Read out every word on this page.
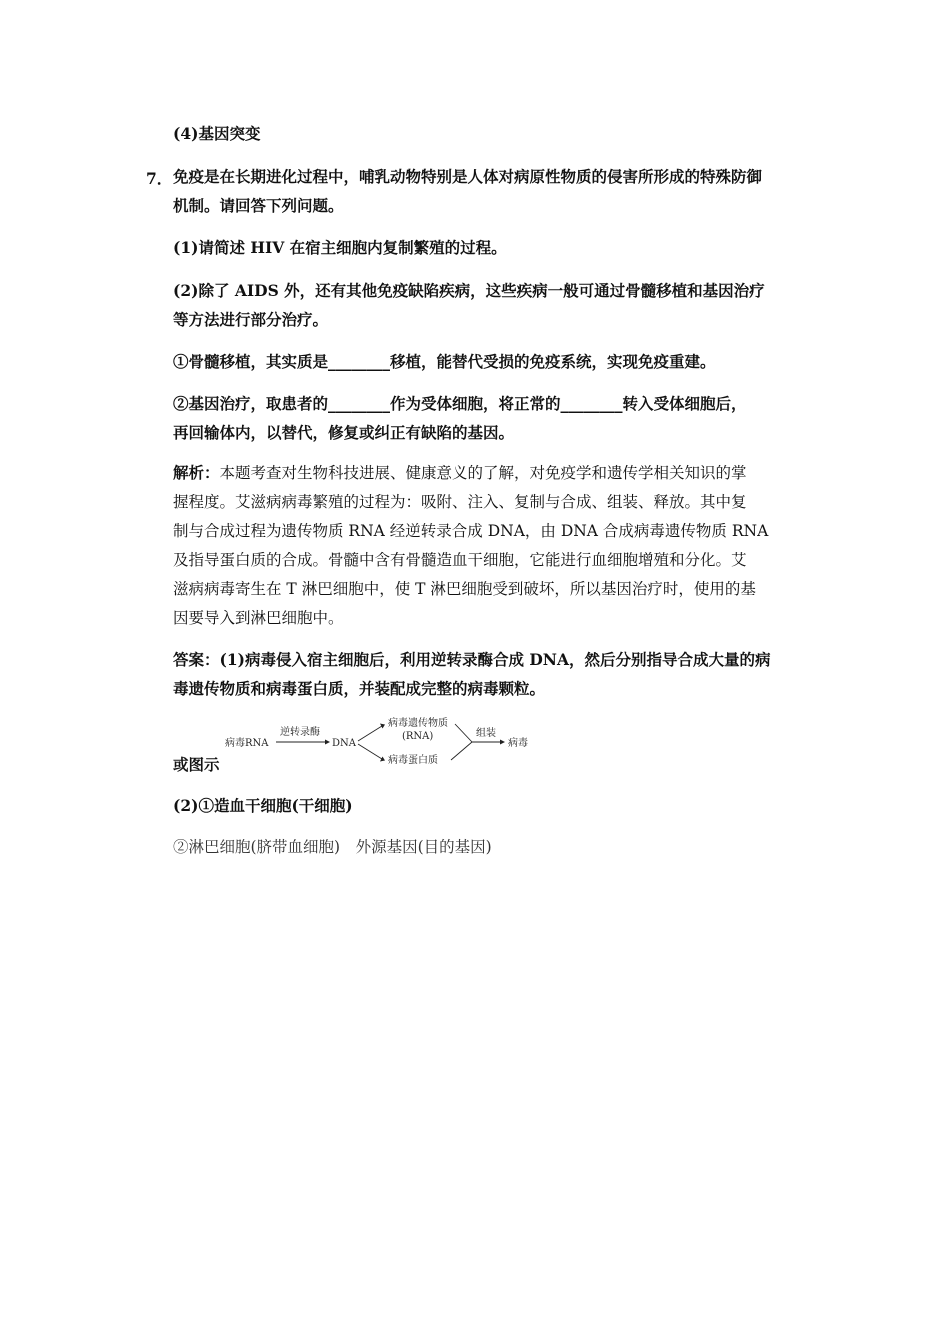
(4)基因突变
7． 免疫是在长期进化过程中，哺乳动物特别是人体对病原性物质的侵害所形成的特殊防御
机制。请回答下列问题。
(1)请简述 HIV 在宿主细胞内复制繁殖的过程。
(2)除了 AIDS 外，还有其他免疫缺陷疾病，这些疾病一般可通过骨髓移植和基因治疗
等方法进行部分治疗。
①骨髓移植，其实质是________移植，能替代受损的免疫系统，实现免疫重建。
②基因治疗，取患者的________作为受体细胞，将正常的________转入受体细胞后，
再回输体内，以替代，修复或纠正有缺陷的基因。
解析：本题考查对生物科技进展、健康意义的了解，对免疫学和遗传学相关知识的掌
握程度。艾滋病病毒繁殖的过程为：吸附、注入、复制与合成、组装、释放。其中复
制与合成过程为遗传物质 RNA 经逆转录合成 DNA，由 DNA 合成病毒遗传物质 RNA
及指导蛋白质的合成。骨髓中含有骨髓造血干细胞，它能进行血细胞增殖和分化。艾
滋病病毒寄生在 T 淋巴细胞中，使 T 淋巴细胞受到破坏，所以基因治疗时，使用的基
因要导入到淋巴细胞中。
答案：(1)病毒侵入宿主细胞后，利用逆转录酶合成 DNA，然后分别指导合成大量的病
毒遗传物质和病毒蛋白质，并装配成完整的病毒颗粒。
病毒RNA
逆转录酶
DNA
病毒遗传物质
(RNA)
病毒蛋白质
组装
病毒
或图示
(2)①造血干细胞(干细胞)
②淋巴细胞(脐带血细胞)　外源基因(目的基因)
